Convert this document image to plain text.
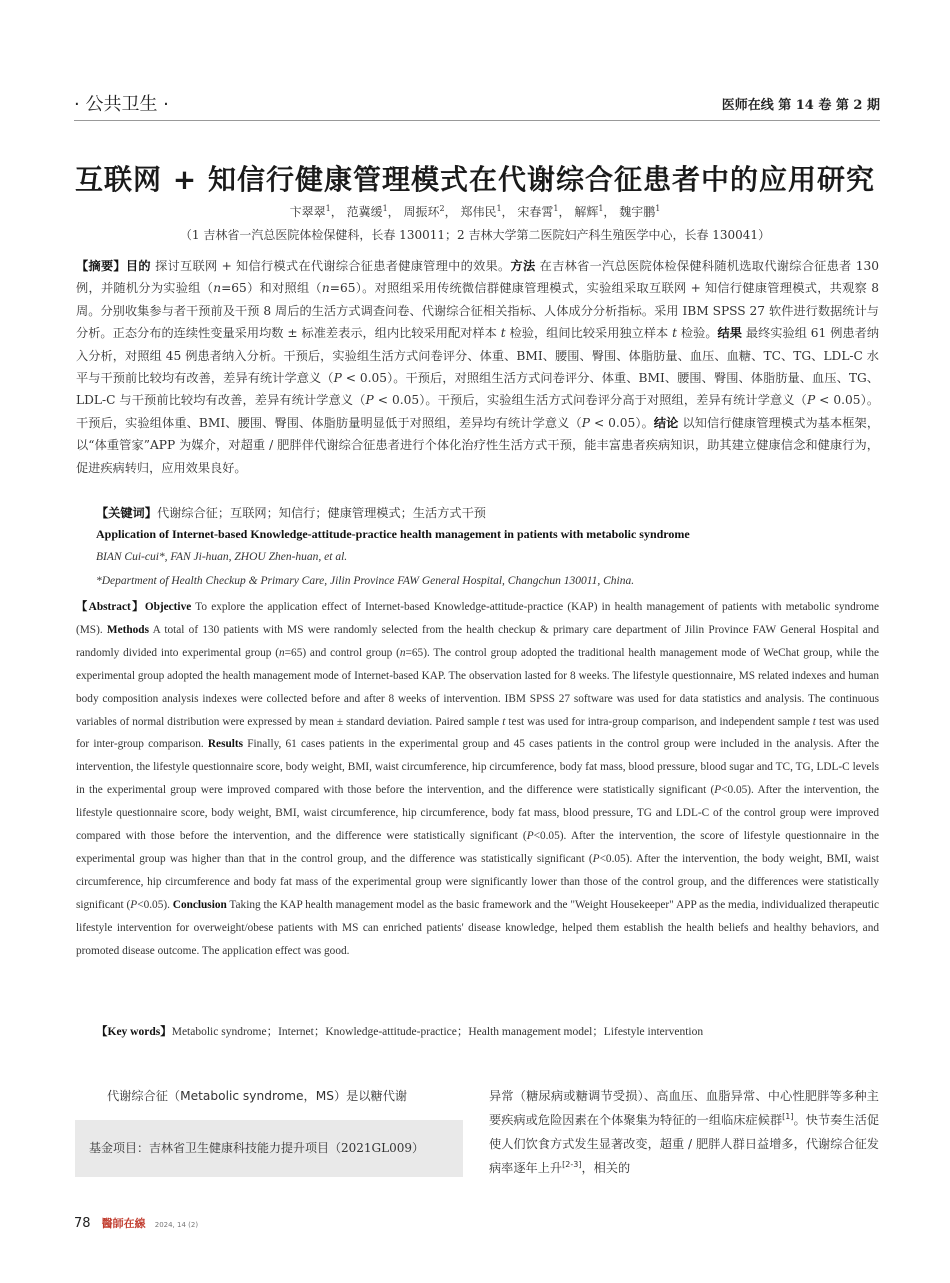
· 公共卫生 ·	医师在线 第 14 卷 第 2 期
互联网 + 知信行健康管理模式在代谢综合征患者中的应用研究
卞翠翠$^1$， 范冀缓$^1$， 周振环$^2$， 郑伟民$^1$， 宋春霄$^1$， 解辉$^1$， 魏宇鹏$^1$
（1 吉林省一汽总医院体检保健科，长春 130011；2 吉林大学第二医院妇产科生殖医学中心，长春 130041）
【摘要】目的 探讨互联网 + 知信行模式在代谢综合征患者健康管理中的效果。方法 在吉林省一汽总医院体检保健科随机选取代谢综合征患者 130 例，并随机分为实验组（n=65）和对照组（n=65）。对照组采用传统微信群健康管理模式，实验组采取互联网 + 知信行健康管理模式，共观察 8 周。分别收集参与者干预前及干预 8 周后的生活方式调查问卷、代谢综合征相关指标、人体成分分析指标。采用 IBM SPSS 27 软件进行数据统计与分析。正态分布的连续性变量采用均数 ± 标准差表示，组内比较采用配对样本 t 检验，组间比较采用独立样本 t 检验。结果 最终实验组 61 例患者纳入分析，对照组 45 例患者纳入分析。干预后，实验组生活方式问卷评分、体重、BMI、腰围、臀围、体脂肪量、血压、血糖、TC、TG、LDL-C 水平与干预前比较均有改善，差异有统计学意义（P < 0.05）。干预后，对照组生活方式问卷评分、体重、BMI、腰围、臀围、体脂肪量、血压、TG、LDL-C 与干预前比较均有改善，差异有统计学意义（P < 0.05）。干预后，实验组生活方式问卷评分高于对照组，差异有统计学意义（P < 0.05）。干预后，实验组体重、BMI、腰围、臀围、体脂肪量明显低于对照组，差异均有统计学意义（P < 0.05）。结论 以知信行健康管理模式为基本框架，以“体重管家”APP 为媒介，对超重 / 肥胖伴代谢综合征患者进行个体化治疗性生活方式干预，能丰富患者疾病知识，助其建立健康信念和健康行为，促进疾病转归，应用效果良好。
【关键词】代谢综合征；互联网；知信行；健康管理模式；生活方式干预
Application of Internet-based Knowledge-attitude-practice health management in patients with metabolic syndrome
BIAN Cui-cui*, FAN Ji-huan, ZHOU Zhen-huan, et al.
*Department of Health Checkup & Primary Care, Jilin Province FAW General Hospital, Changchun 130011, China.
【Abstract】Objective To explore the application effect of Internet-based Knowledge-attitude-practice (KAP) in health management of patients with metabolic syndrome (MS). Methods A total of 130 patients with MS were randomly selected from the health checkup & primary care department of Jilin Province FAW General Hospital and randomly divided into experimental group (n=65) and control group (n=65). The control group adopted the traditional health management mode of WeChat group, while the experimental group adopted the health management mode of Internet-based KAP. The observation lasted for 8 weeks. The lifestyle questionnaire, MS related indexes and human body composition analysis indexes were collected before and after 8 weeks of intervention. IBM SPSS 27 software was used for data statistics and analysis. The continuous variables of normal distribution were expressed by mean ± standard deviation. Paired sample t test was used for intra-group comparison, and independent sample t test was used for inter-group comparison. Results Finally, 61 cases patients in the experimental group and 45 cases patients in the control group were included in the analysis. After the intervention, the lifestyle questionnaire score, body weight, BMI, waist circumference, hip circumference, body fat mass, blood pressure, blood sugar and TC, TG, LDL-C levels in the experimental group were improved compared with those before the intervention, and the difference were statistically significant (P<0.05). After the intervention, the lifestyle questionnaire score, body weight, BMI, waist circumference, hip circumference, body fat mass, blood pressure, TG and LDL-C of the control group were improved compared with those before the intervention, and the difference were statistically significant (P<0.05). After the intervention, the score of lifestyle questionnaire in the experimental group was higher than that in the control group, and the difference was statistically significant (P<0.05). After the intervention, the body weight, BMI, waist circumference, hip circumference and body fat mass of the experimental group were significantly lower than those of the control group, and the differences were statistically significant (P<0.05). Conclusion Taking the KAP health management model as the basic framework and the "Weight Housekeeper" APP as the media, individualized therapeutic lifestyle intervention for overweight/obese patients with MS can enriched patients' disease knowledge, helped them establish the health beliefs and healthy behaviors, and promoted disease outcome. The application effect was good.
【Key words】Metabolic syndrome；Internet；Knowledge-attitude-practice；Health management model；Lifestyle intervention
代谢综合征（Metabolic syndrome，MS）是以糖代谢
基金项目：吉林省卫生健康科技能力提升项目（2021GL009）
异常（糖尿病或糖调节受损）、高血压、血脂异常、中心性肥胖等多种主要疾病或危险因素在个体聚集为特征的一组临床症候群[1]。快节奏生活促使人们饮食方式发生显著改变，超重 / 肥胖人群日益增多，代谢综合征发病率逐年上升[2-3]，相关的
78 醫師在線 2024, 14 (2)
